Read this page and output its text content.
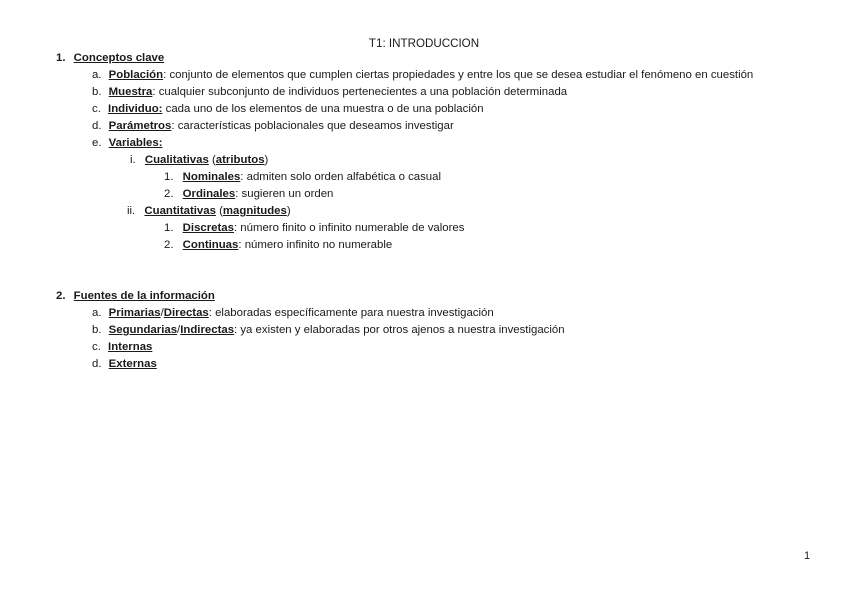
T1: INTRODUCCION
1. Conceptos clave
a. Población: conjunto de elementos que cumplen ciertas propiedades y entre los que se desea estudiar el fenómeno en cuestión
b. Muestra: cualquier subconjunto de individuos pertenecientes a una población determinada
c. Individuo: cada uno de los elementos de una muestra o de una población
d. Parámetros: características poblacionales que deseamos investigar
e. Variables:
i. Cualitativas (atributos)
1. Nominales: admiten solo orden alfabética o casual
2. Ordinales: sugieren un orden
ii. Cuantitativas (magnitudes)
1. Discretas: número finito o infinito numerable de valores
2. Continuas: número infinito no numerable
2. Fuentes de la información
a. Primarias/Directas: elaboradas específicamente para nuestra investigación
b. Segundarias/Indirectas: ya existen y elaboradas por otros ajenos a nuestra investigación
c. Internas
d. Externas
1
